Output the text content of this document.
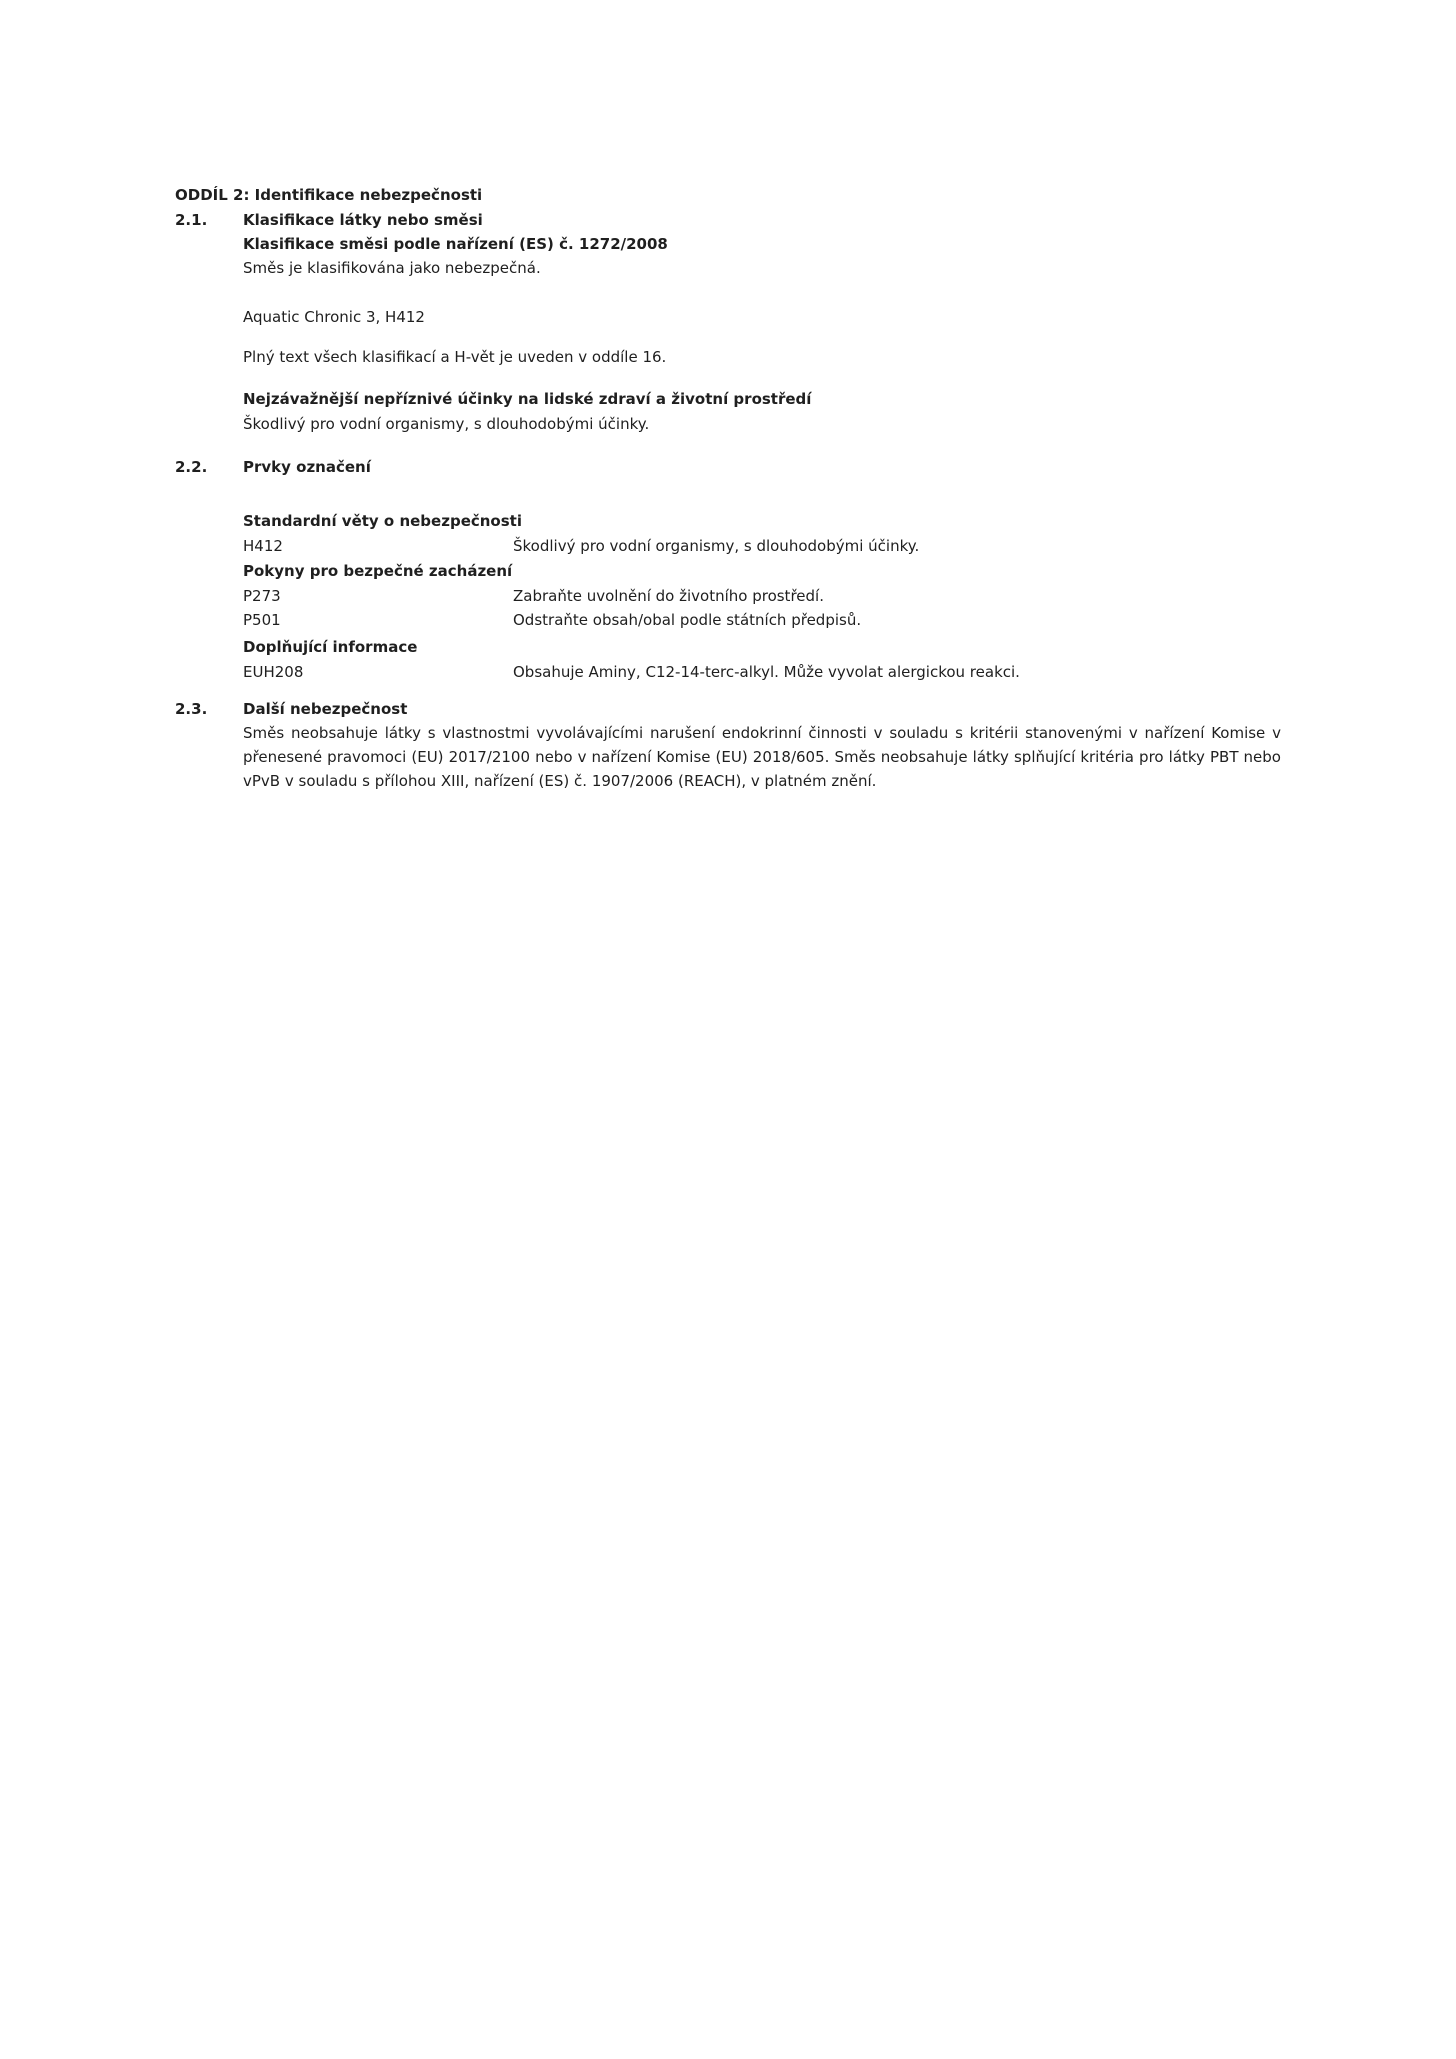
ODDÍL 2: Identifikace nebezpečnosti
2.1.	Klasifikace látky nebo směsi
Klasifikace směsi podle nařízení (ES) č. 1272/2008
Směs je klasifikována jako nebezpečná.
Aquatic Chronic 3, H412
Plný text všech klasifikací a H-vět je uveden v oddíle 16.
Nejzávažnější nepříznivé účinky na lidské zdraví a životní prostředí
Škodlivý pro vodní organismy, s dlouhodobými účinky.
2.2.	Prvky označení
Standardní věty o nebezpečnosti
H412	Škodlivý pro vodní organismy, s dlouhodobými účinky.
Pokyny pro bezpečné zacházení
P273	Zabraňte uvolnění do životního prostředí.
P501	Odstraňte obsah/obal podle státních předpisů.
Doplňující informace
EUH208	Obsahuje Aminy, C12-14-terc-alkyl. Může vyvolat alergickou reakci.
2.3.	Další nebezpečnost
Směs neobsahuje látky s vlastnostmi vyvolávajícími narušení endokrinní činnosti v souladu s kritérii stanovenými v nařízení Komise v přenesené pravomoci (EU) 2017/2100 nebo v nařízení Komise (EU) 2018/605. Směs neobsahuje látky splňující kritéria pro látky PBT nebo vPvB v souladu s přílohou XIII, nařízení (ES) č. 1907/2006 (REACH), v platném znění.
